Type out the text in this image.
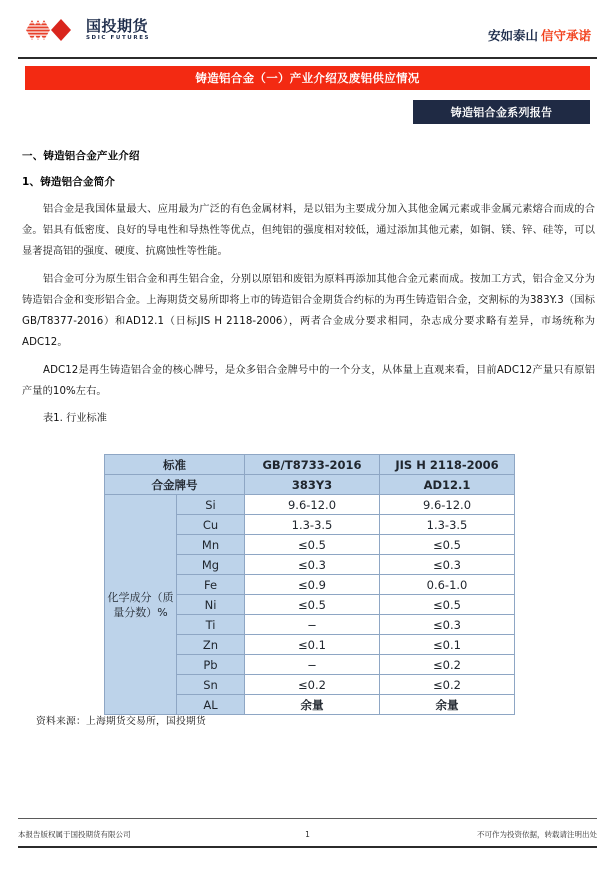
国投期货
SDIC FUTURES	安如泰山 信守承诺
铸造铝合金（一）产业介绍及废铝供应情况
铸造铝合金系列报告
一、铸造铝合金产业介绍
1、铸造铝合金简介

铝合金是我国体量最大、应用最为广泛的有色金属材料，是以铝为主要成分加入其他金属元素或非金属元素熔合而成的合金。铝具有低密度、良好的导电性和导热性等优点，但纯铝的强度相对较低，通过添加其他元素，如铜、镁、锌、硅等，可以显著提高铝的强度、硬度、抗腐蚀性等性能。

铝合金可分为原生铝合金和再生铝合金，分别以原铝和废铝为原料再添加其他合金元素而成。按加工方式，铝合金又分为铸造铝合金和变形铝合金。上海期货交易所即将上市的铸造铝合金期货合约标的为再生铸造铝合金，交割标的为383Y.3（国标GB/T8377-2016）和AD12.1（日标JIS H 2118-2006），两者合金成分要求相同，杂志成分要求略有差异，市场统称为ADC12。

ADC12是再生铸造铝合金的核心牌号，是众多铝合金牌号中的一个分支，从体量上直观来看，目前ADC12产量只有原铝产量的10%左右。

表1. 行业标准

标准		GB/T8733-2016	JIS H 2118-2006
合金牌号		383Y3	AD12.1
化学成分（质量分数）%	Si	9.6-12.0	9.6-12.0
	Cu	1.3-3.5	1.3-3.5
	Mn	≤0.5	≤0.5
	Mg	≤0.3	≤0.3
	Fe	≤0.9	0.6-1.0
	Ni	≤0.5	≤0.5
	Ti	−	≤0.3
	Zn	≤0.1	≤0.1
	Pb	−	≤0.2
	Sn	≤0.2	≤0.2
	AL	余量	余量
资料来源：上海期货交易所，国投期货
本报告版权属于国投期货有限公司	1	不可作为投资依据，转载请注明出处
